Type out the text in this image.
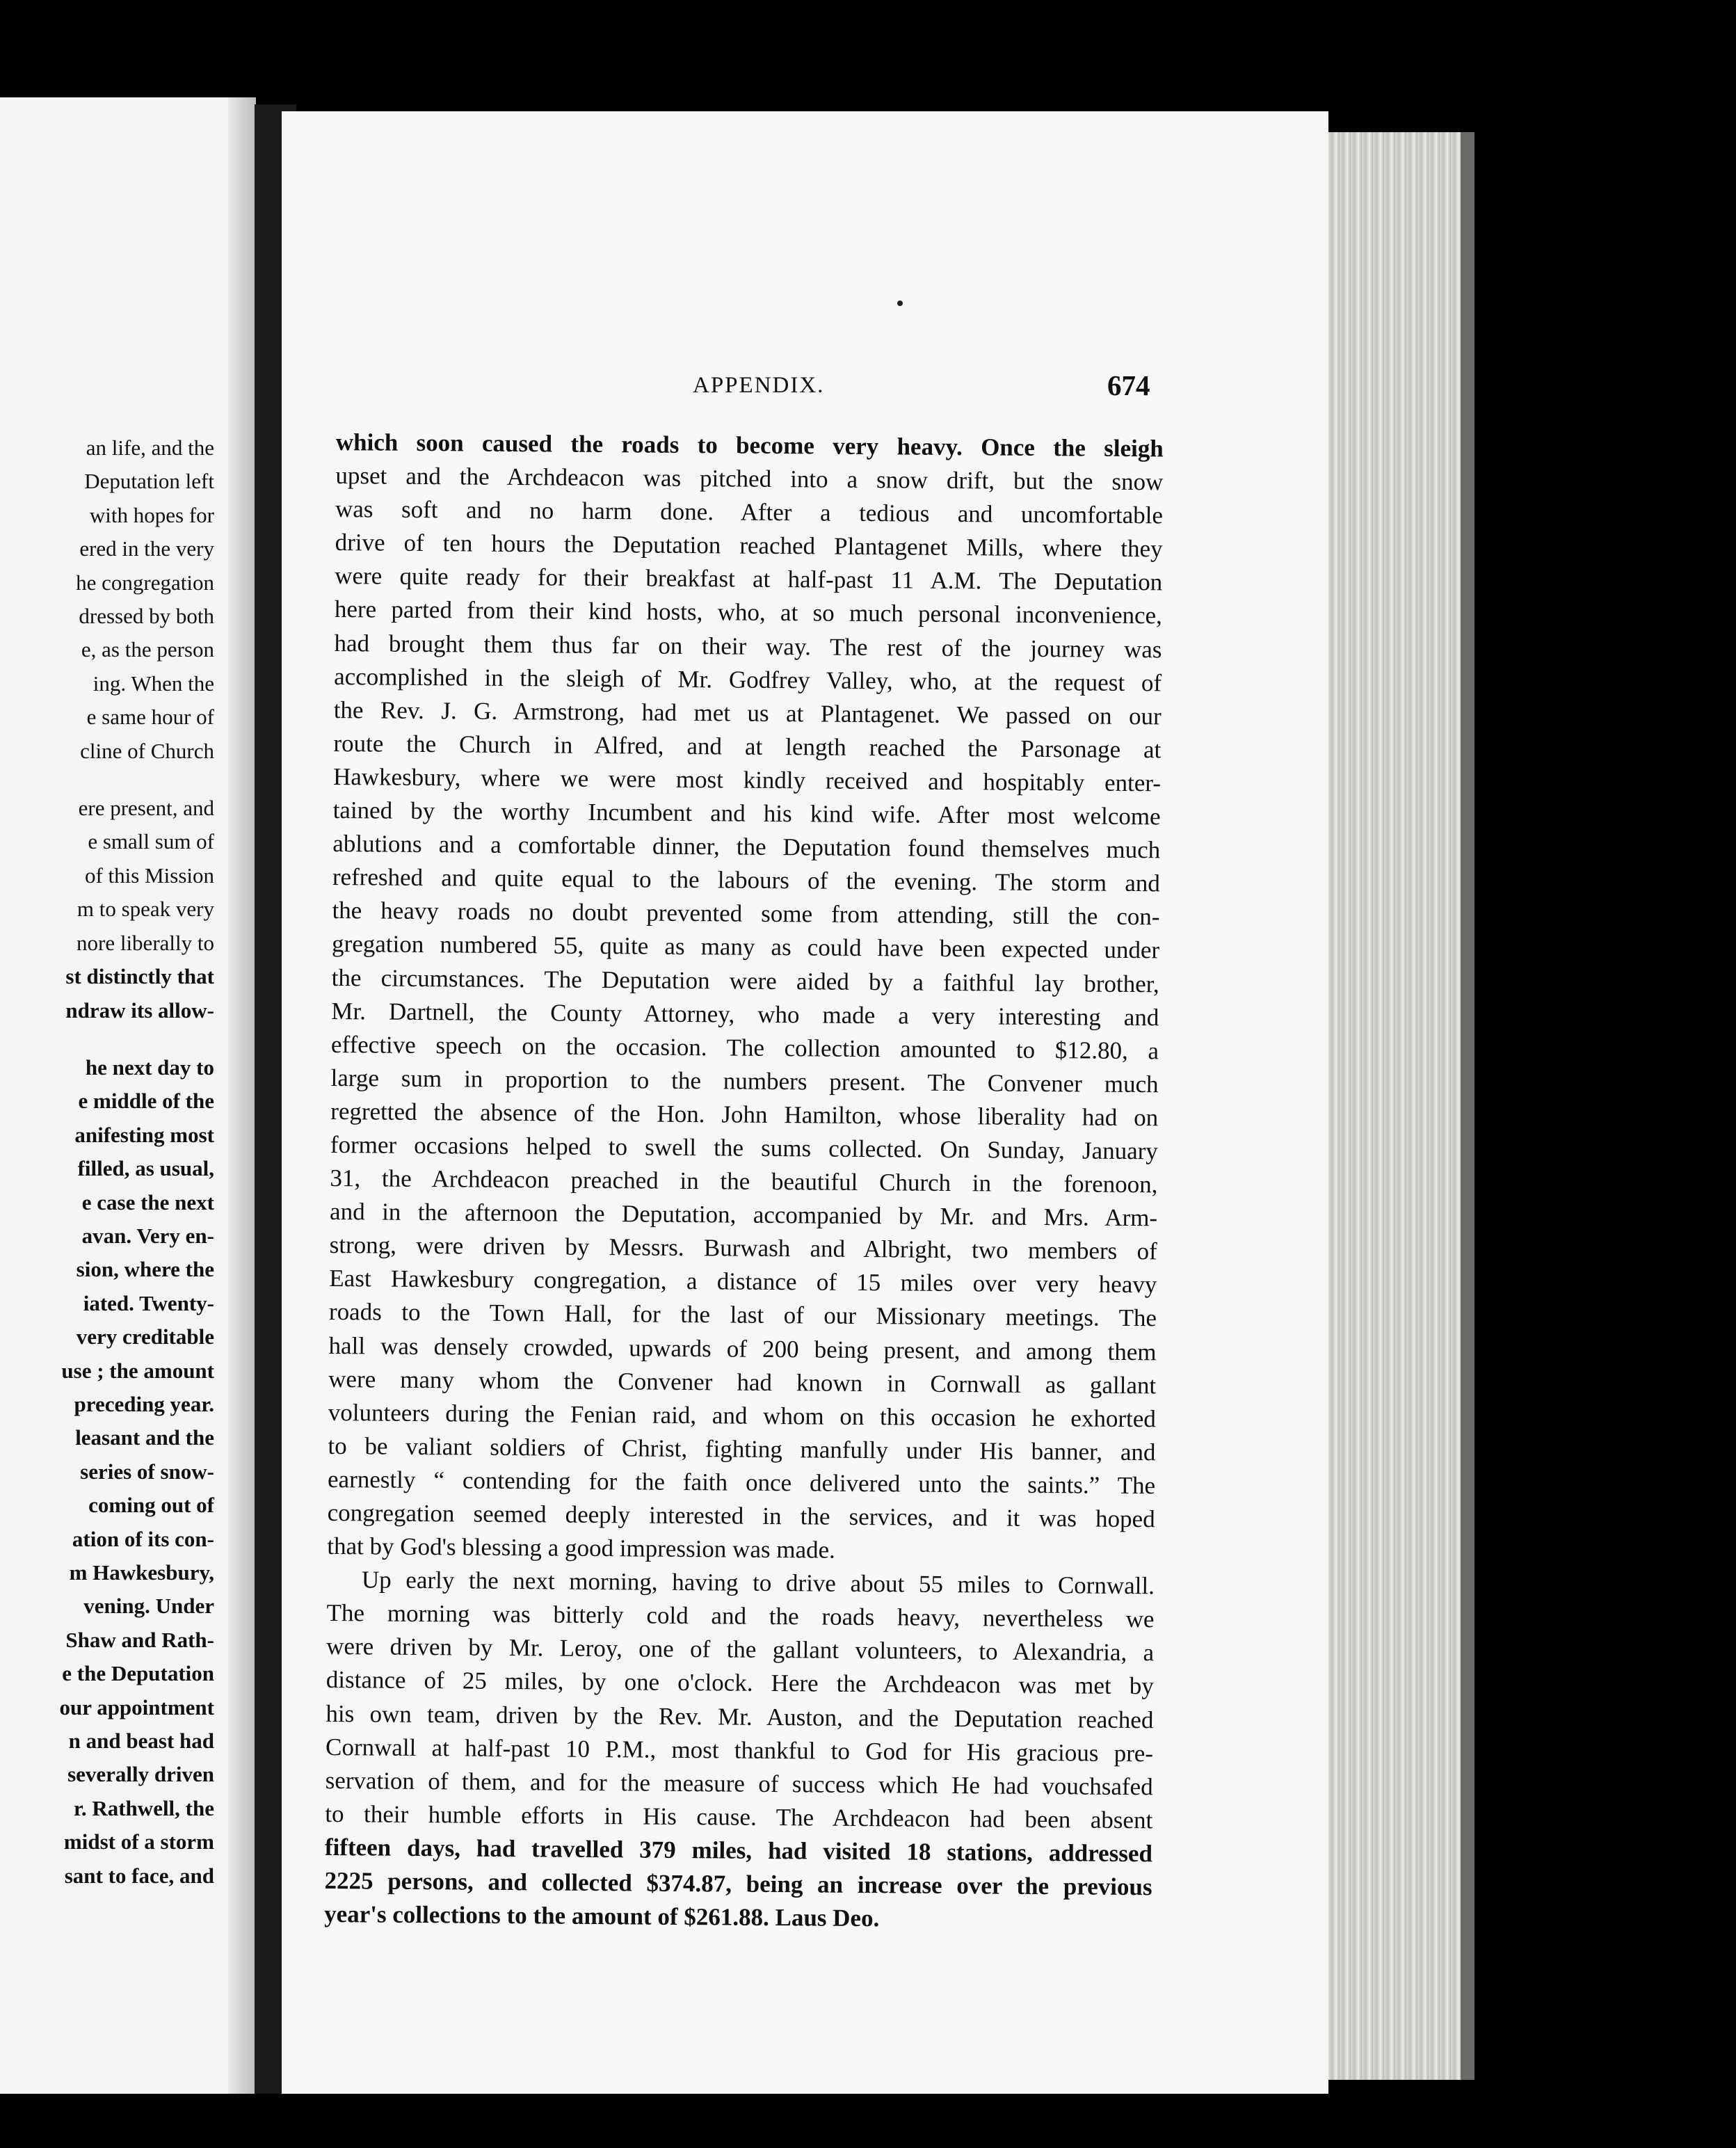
an life, and the
Deputation left
with hopes for
ered in the very
he congregation
dressed by both
e, as the person
ing. When the
e same hour of
cline of Church
ere present, and
e small sum of
of this Mission
m to speak very
nore liberally to
st distinctly that
ndraw its allow-
he next day to
e middle of the
anifesting most
filled, as usual,
e case the next
avan. Very en-
sion, where the
iated. Twenty-
very creditable
use ; the amount
preceding year.
leasant and the
series of snow-
coming out of
ation of its con-
m Hawkesbury,
vening. Under
Shaw and Rath-
e the Deputation
our appointment
n and beast had
severally driven
r. Rathwell, the
midst of a storm
sant to face, and
APPENDIX.	674
which soon caused the roads to become very heavy. Once the sleigh
upset and the Archdeacon was pitched into a snow drift, but the snow
was soft and no harm done. After a tedious and uncomfortable
drive of ten hours the Deputation reached Plantagenet Mills, where they
were quite ready for their breakfast at half-past 11 A.M. The Deputation
here parted from their kind hosts, who, at so much personal inconvenience,
had brought them thus far on their way. The rest of the journey was
accomplished in the sleigh of Mr. Godfrey Valley, who, at the request of
the Rev. J. G. Armstrong, had met us at Plantagenet. We passed on our
route the Church in Alfred, and at length reached the Parsonage at
Hawkesbury, where we were most kindly received and hospitably enter-
tained by the worthy Incumbent and his kind wife. After most welcome
ablutions and a comfortable dinner, the Deputation found themselves much
refreshed and quite equal to the labours of the evening. The storm and
the heavy roads no doubt prevented some from attending, still the con-
gregation numbered 55, quite as many as could have been expected under
the circumstances. The Deputation were aided by a faithful lay brother,
Mr. Dartnell, the County Attorney, who made a very interesting and
effective speech on the occasion. The collection amounted to $12.80, a
large sum in proportion to the numbers present. The Convener much
regretted the absence of the Hon. John Hamilton, whose liberality had on
former occasions helped to swell the sums collected. On Sunday, January
31, the Archdeacon preached in the beautiful Church in the forenoon,
and in the afternoon the Deputation, accompanied by Mr. and Mrs. Arm-
strong, were driven by Messrs. Burwash and Albright, two members of
East Hawkesbury congregation, a distance of 15 miles over very heavy
roads to the Town Hall, for the last of our Missionary meetings. The
hall was densely crowded, upwards of 200 being present, and among them
were many whom the Convener had known in Cornwall as gallant
volunteers during the Fenian raid, and whom on this occasion he exhorted
to be valiant soldiers of Christ, fighting manfully under His banner, and
earnestly “ contending for the faith once delivered unto the saints.” The
congregation seemed deeply interested in the services, and it was hoped
that by God's blessing a good impression was made.
Up early the next morning, having to drive about 55 miles to Cornwall.
The morning was bitterly cold and the roads heavy, nevertheless we
were driven by Mr. Leroy, one of the gallant volunteers, to Alexandria, a
distance of 25 miles, by one o'clock. Here the Archdeacon was met by
his own team, driven by the Rev. Mr. Auston, and the Deputation reached
Cornwall at half-past 10 P.M., most thankful to God for His gracious pre-
servation of them, and for the measure of success which He had vouchsafed
to their humble efforts in His cause. The Archdeacon had been absent
fifteen days, had travelled 379 miles, had visited 18 stations, addressed
2225 persons, and collected $374.87, being an increase over the previous
year's collections to the amount of $261.88. Laus Deo.
